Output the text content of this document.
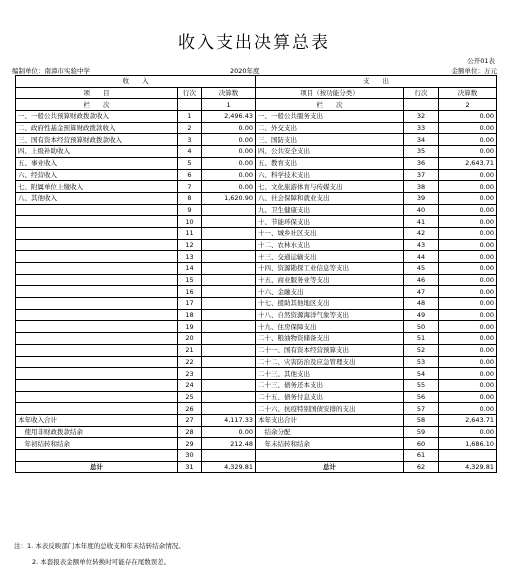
收入支出决算总表
公开01表
编制单位：南漳市实验中学	2020年度	金额单位：万元
收　　入			支　　出		
项　　目	行次	决算数	项目（按功能分类）	行次	决算数
栏　　次		1	栏　　次		2
一、一般公共预算财政拨款收入	1	2,496.43	一、一般公共服务支出	32	0.00
二、政府性基金预算财政拨款收入	2	0.00	二、外交支出	33	0.00
三、国有资本经营预算财政拨款收入	3	0.00	三、国防支出	34	0.00
四、上级补助收入	4	0.00	四、公共安全支出	35	0.00
五、事业收入	5	0.00	五、教育支出	36	2,643.71
六、经营收入	6	0.00	六、科学技术支出	37	0.00
七、附属单位上缴收入	7	0.00	七、文化旅游体育与传媒支出	38	0.00
八、其他收入	8	1,620.90	八、社会保障和就业支出	39	0.00
	9		九、卫生健康支出	40	0.00
	10		十、节能环保支出	41	0.00
	11		十一、城乡社区支出	42	0.00
	12		十二、农林水支出	43	0.00
	13		十三、交通运输支出	44	0.00
	14		十四、资源勘探工业信息等支出	45	0.00
	15		十五、商业服务业等支出	46	0.00
	16		十六、金融支出	47	0.00
	17		十七、援助其他地区支出	48	0.00
	18		十八、自然资源海洋气象等支出	49	0.00
	19		十九、住房保障支出	50	0.00
	20		二十、粮油物资储备支出	51	0.00
	21		二十一、国有资本经营预算支出	52	0.00
	22		二十二、灾害防治及应急管理支出	53	0.00
	23		二十三、其他支出	54	0.00
	24		二十三、债务还本支出	55	0.00
	25		二十五、债务付息支出	56	0.00
	26		二十六、抗疫特别国债安排的支出	57	0.00
本年收入合计	27	4,117.33	本年支出合计	58	2,643.71
　使用非财政拨款结余	28	0.00	　结余分配	59	0.00
　年初结转和结余	29	212.48	　年末结转和结余	60	1,686.10
	30			61	
总计	31	4,329.81	总计	62	4,329.81
注：1. 本表反映部门本年度的总收支和年末结转结余情况。
2. 本套报表金额单位转换时可能存在尾数误差。
